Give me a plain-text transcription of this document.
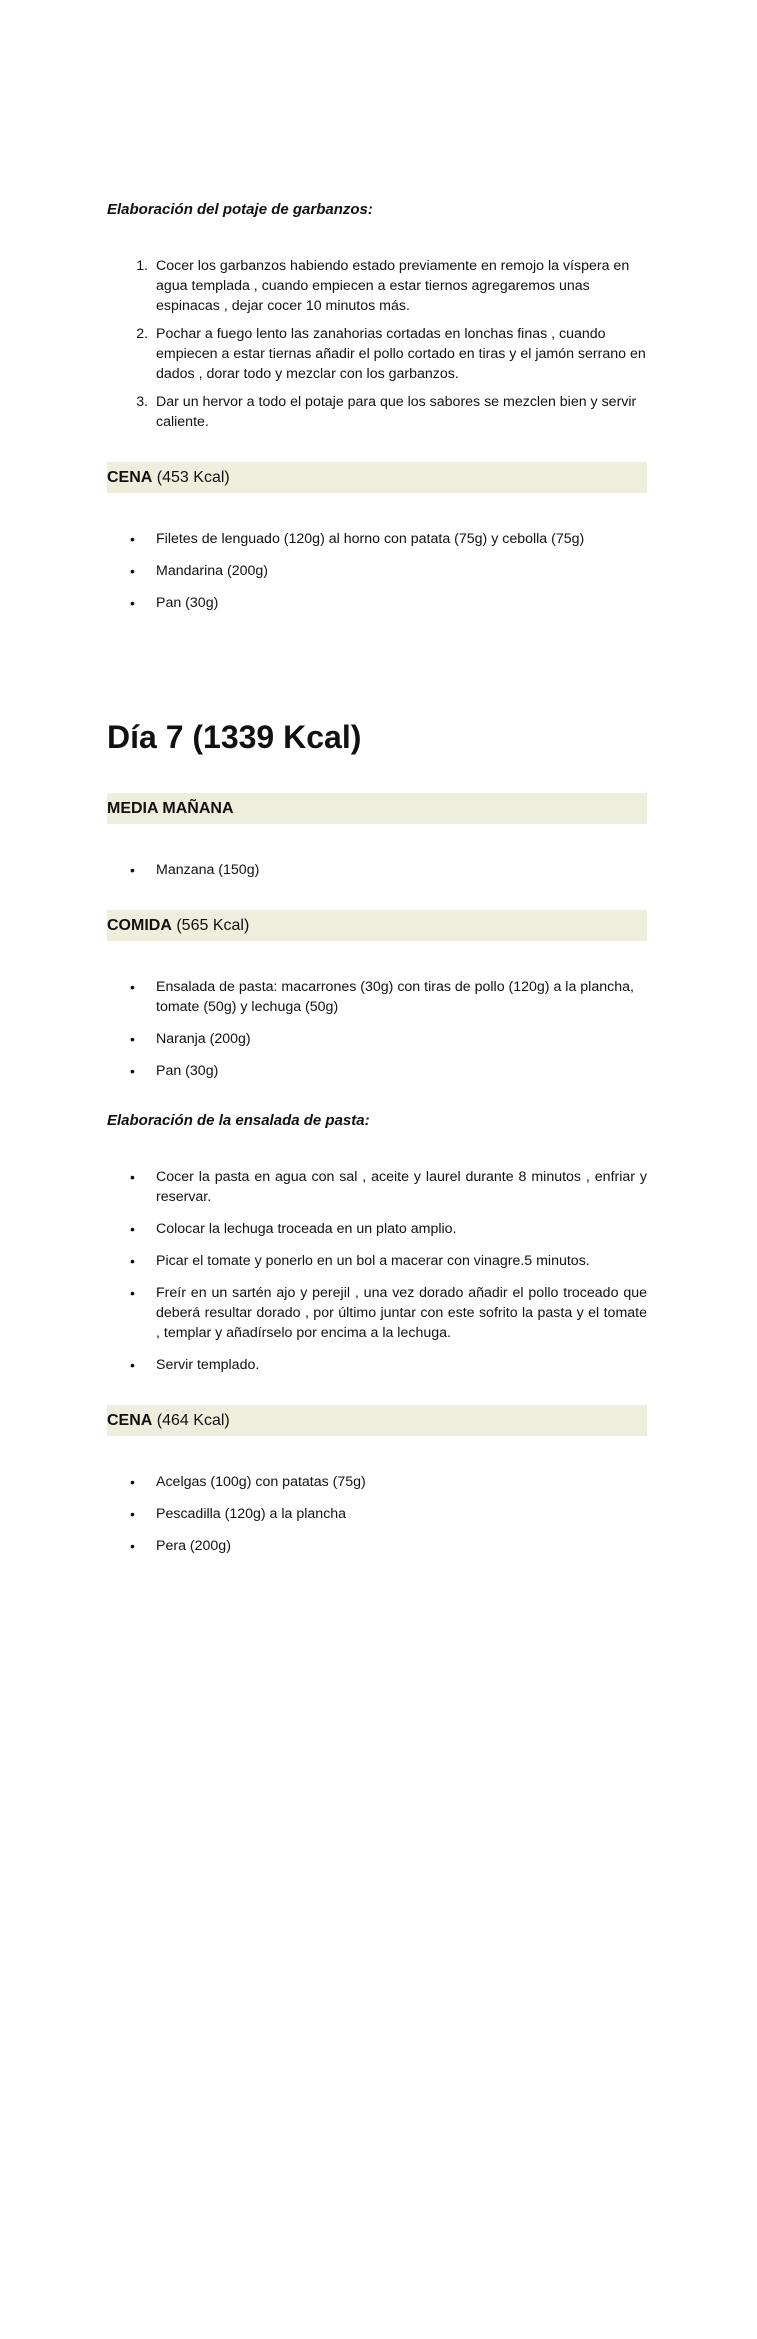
Elaboración del potaje de garbanzos:
1. Cocer los garbanzos habiendo estado previamente en remojo la víspera en agua templada , cuando empiecen a estar tiernos agregaremos unas espinacas , dejar cocer 10 minutos más.
2. Pochar a fuego lento las zanahorias cortadas en lonchas finas , cuando empiecen a estar tiernas añadir el pollo cortado en tiras y el jamón serrano en dados , dorar todo y mezclar con los garbanzos.
3. Dar un hervor a todo el potaje para que los sabores se mezclen bien y servir caliente.
CENA (453 Kcal)
• Filetes de lenguado (120g) al horno con patata (75g) y cebolla (75g)
• Mandarina (200g)
• Pan (30g)
Día 7 (1339 Kcal)
MEDIA MAÑANA
• Manzana (150g)
COMIDA (565 Kcal)
• Ensalada de pasta: macarrones (30g) con tiras de pollo (120g) a la plancha, tomate (50g) y lechuga (50g)
• Naranja (200g)
• Pan (30g)
Elaboración de la ensalada de pasta:
• Cocer la pasta en agua con sal , aceite y laurel durante 8 minutos , enfriar y reservar.
• Colocar la lechuga troceada en un plato amplio.
• Picar el tomate y ponerlo en un bol a macerar con vinagre.5 minutos.
• Freír en un sartén ajo y perejil , una vez dorado añadir el pollo troceado que deberá resultar dorado , por último juntar con este sofrito la pasta y el tomate , templar y añadírselo por encima a la lechuga.
• Servir templado.
CENA (464 Kcal)
• Acelgas (100g) con patatas (75g)
• Pescadilla (120g) a la plancha
• Pera (200g)
